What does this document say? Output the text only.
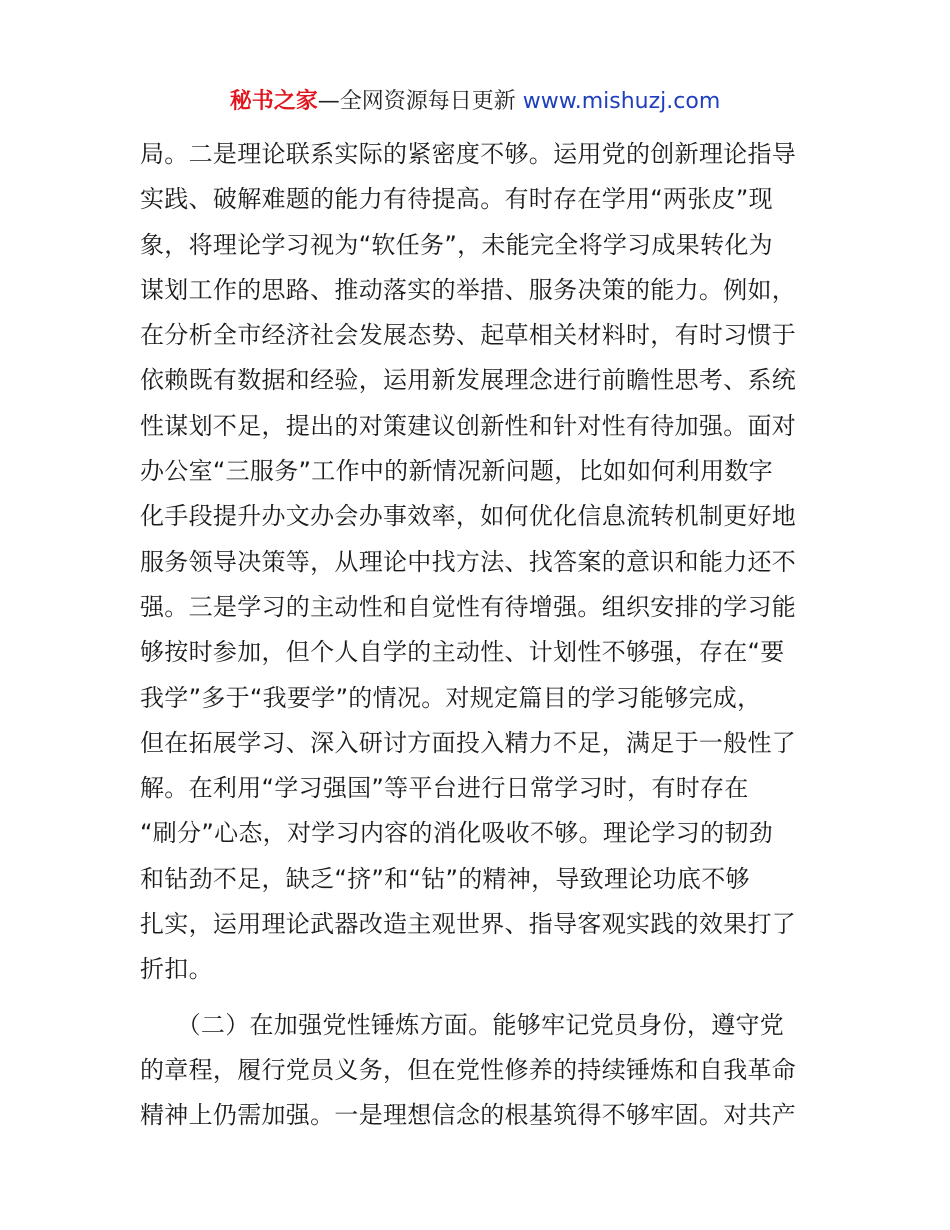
秘书之家—全网资源每日更新 www.mishuzj.com
局。二是理论联系实际的紧密度不够。运用党的创新理论指导
实践、破解难题的能力有待提高。有时存在学用“两张皮”现
象，将理论学习视为“软任务”，未能完全将学习成果转化为
谋划工作的思路、推动落实的举措、服务决策的能力。例如，
在分析全市经济社会发展态势、起草相关材料时，有时习惯于
依赖既有数据和经验，运用新发展理念进行前瞻性思考、系统
性谋划不足，提出的对策建议创新性和针对性有待加强。面对
办公室“三服务”工作中的新情况新问题，比如如何利用数字
化手段提升办文办会办事效率，如何优化信息流转机制更好地
服务领导决策等，从理论中找方法、找答案的意识和能力还不
强。三是学习的主动性和自觉性有待增强。组织安排的学习能
够按时参加，但个人自学的主动性、计划性不够强，存在“要
我学”多于“我要学”的情况。对规定篇目的学习能够完成，
但在拓展学习、深入研讨方面投入精力不足，满足于一般性了
解。在利用“学习强国”等平台进行日常学习时，有时存在
“刷分”心态，对学习内容的消化吸收不够。理论学习的韧劲
和钻劲不足，缺乏“挤”和“钻”的精神，导致理论功底不够
扎实，运用理论武器改造主观世界、指导客观实践的效果打了
折扣。
　　（二）在加强党性锤炼方面。能够牢记党员身份，遵守党
的章程，履行党员义务，但在党性修养的持续锤炼和自我革命
精神上仍需加强。一是理想信念的根基筑得不够牢固。对共产
